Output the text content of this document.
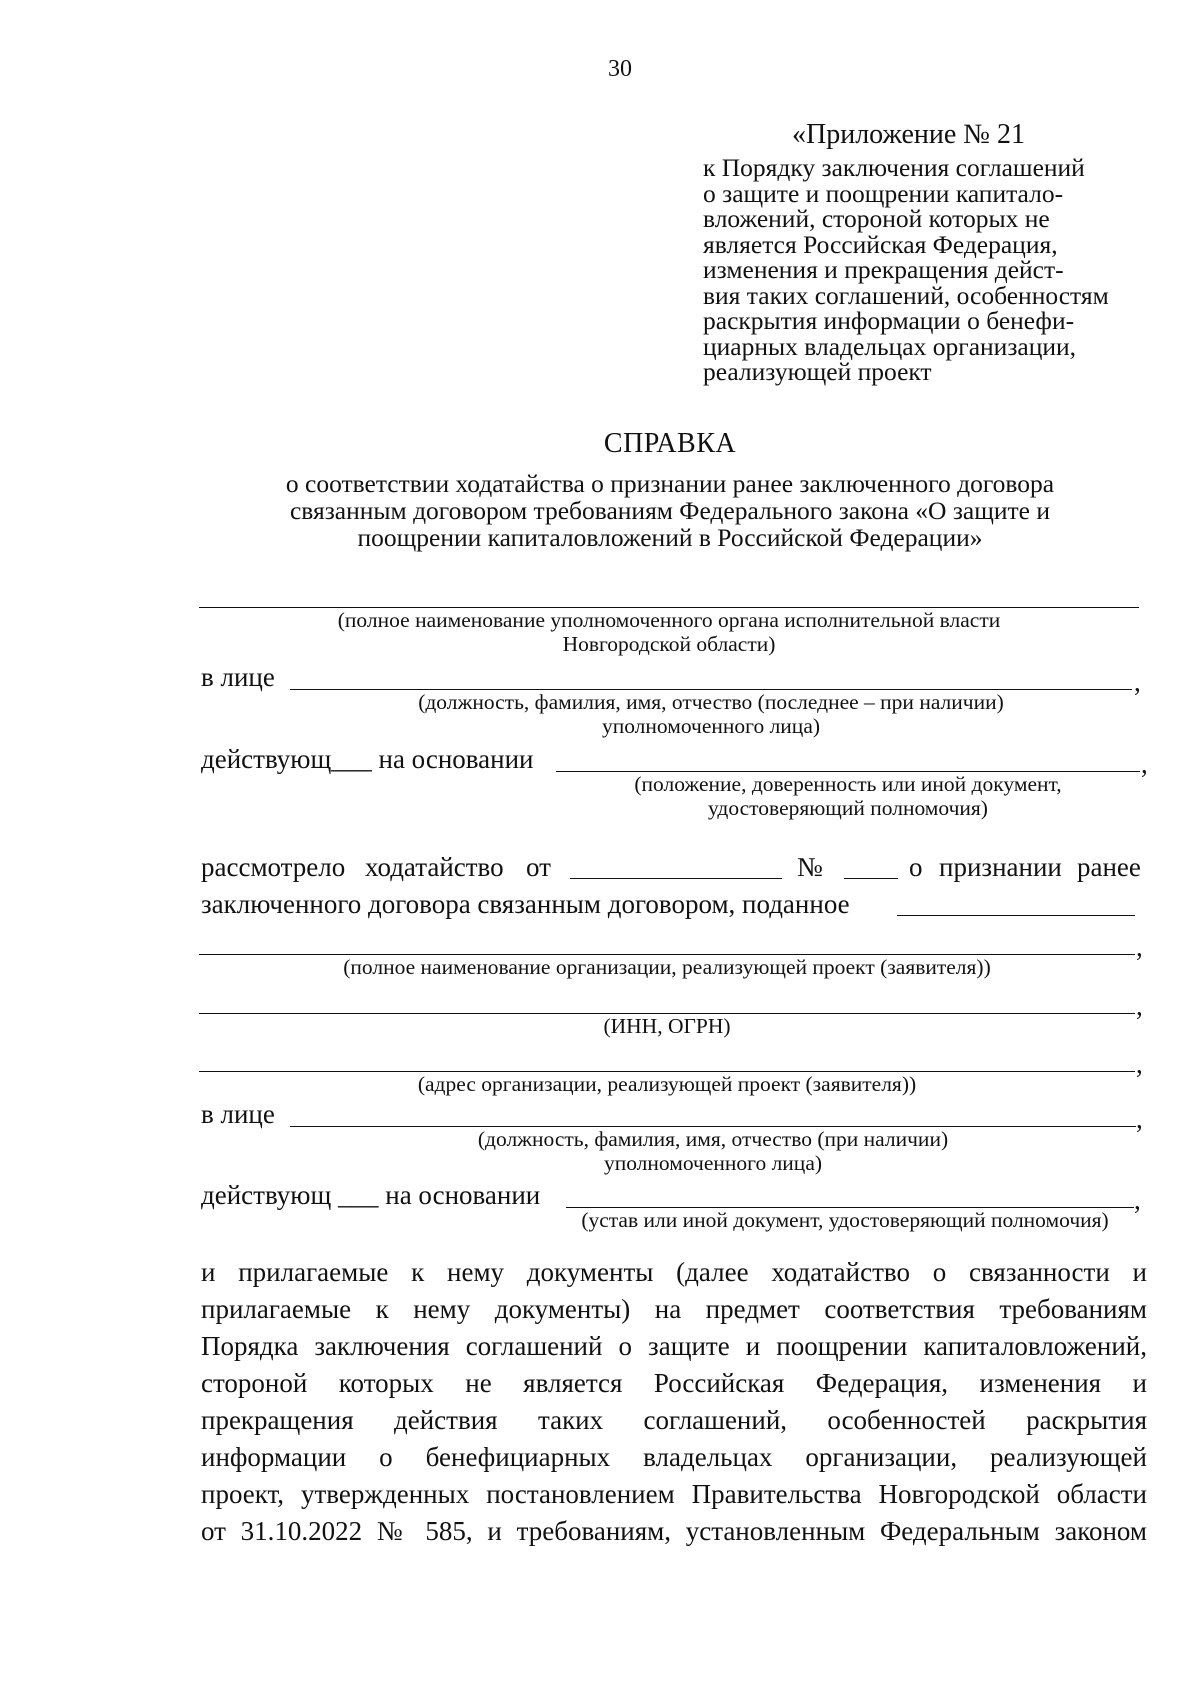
30

«Приложение № 21

к Порядку заключения соглашений
о защите и поощрении капитало-
вложений, стороной которых не
является Российская Федерация,
изменения и прекращения дейст-
вия таких соглашений, особенностям
раскрытия информации о бенефи-
циарных владельцах организации,
реализующей проект

СПРАВКА

о соответствии ходатайства о признании ранее заключенного договора
связанным договором требованиям Федерального закона «О защите и
поощрении капиталовложений в Российской Федерации»

(полное наименование уполномоченного органа исполнительной власти
Новгородской области)

в лице	,

(должность, фамилия, имя, отчество (последнее – при наличии)
уполномоченного лица)

действующ___ на основании	,

(положение, доверенность или иной документ,
удостоверяющий полномочия)

рассмотрело ходатайство от	№	о признании ранее

заключенного договора связанным договором, поданное

,

(полное наименование организации, реализующей проект (заявителя))

,

(ИНН, ОГРН)

,

(адрес организации, реализующей проект (заявителя))

в лице	,

(должность, фамилия, имя, отчество (при наличии)
уполномоченного лица)

действующ ___ на основании	,

(устав или иной документ, удостоверяющий полномочия)

и прилагаемые к нему документы (далее ходатайство о связанности и

прилагаемые к нему документы) на предмет соответствия требованиям

Порядка заключения соглашений о защите и поощрении капиталовложений,

стороной которых не является Российская Федерация, изменения и

прекращения действия таких соглашений, особенностей раскрытия

информации о бенефициарных владельцах организации, реализующей

проект, утвержденных постановлением Правительства Новгородской области

от 31.10.2022 № 585, и требованиям, установленным Федеральным законом
